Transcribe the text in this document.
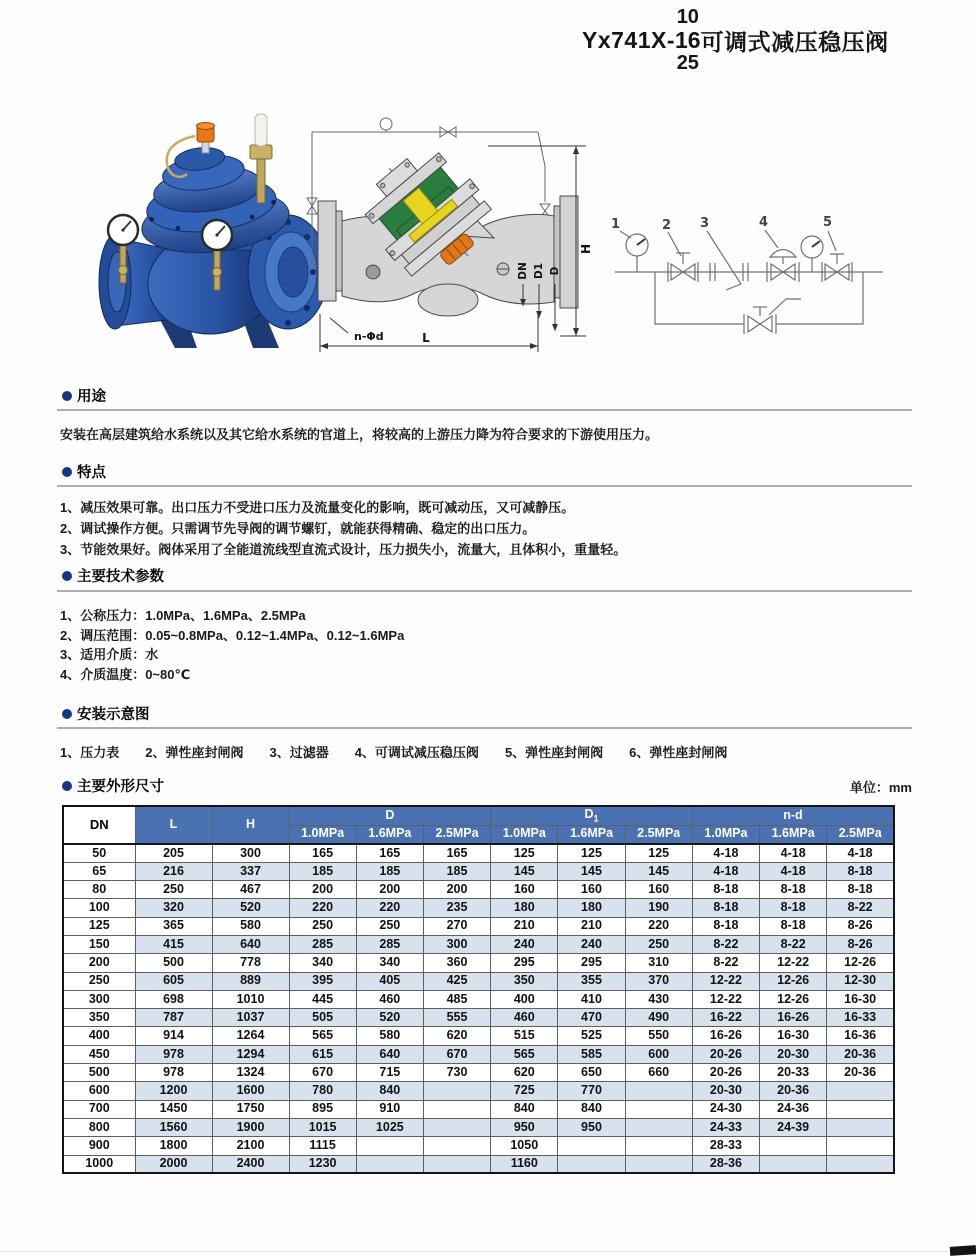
Yx741X-
10
16
25
可调式减压稳压阀
H
DN D1 D
L
n-Φd
1	2 3	4	5
用途
安装在高层建筑给水系统以及其它给水系统的官道上，将较高的上游压力降为符合要求的下游使用压力。
特点
1、减压效果可靠。出口压力不受进口压力及流量变化的影响，既可减动压，又可减静压。
2、调试操作方便。只需调节先导阀的调节螺钉，就能获得精确、稳定的出口压力。
3、节能效果好。阀体采用了全能道流线型直流式设计，压力损失小，流量大，且体积小，重量轻。
主要技术参数
1、公称压力：1.0MPa、1.6MPa、2.5MPa
2、调压范围：0.05~0.8MPa、0.12~1.4MPa、0.12~1.6MPa
3、适用介质：水
4、介质温度：0~80℃
安装示意图
1、压力表 2、弹性座封闸阀 3、过滤器 4、可调试减压稳压阀 5、弹性座封闸阀 6、弹性座封闸阀
主要外形尺寸	单位：mm
DN	L	H	D			$D_1$			n-d		
			1.0MPa	1.6MPa	2.5MPa	1.0MPa	1.6MPa	2.5MPa	1.0MPa	1.6MPa	2.5MPa
50	205	300	165	165	165	125	125	125	4-18	4-18	4-18
65	216	337	185	185	185	145	145	145	4-18	4-18	8-18
80	250	467	200	200	200	160	160	160	8-18	8-18	8-18
100	320	520	220	220	235	180	180	190	8-18	8-18	8-22
125	365	580	250	250	270	210	210	220	8-18	8-18	8-26
150	415	640	285	285	300	240	240	250	8-22	8-22	8-26
200	500	778	340	340	360	295	295	310	8-22	12-22	12-26
250	605	889	395	405	425	350	355	370	12-22	12-26	12-30
300	698	1010	445	460	485	400	410	430	12-22	12-26	16-30
350	787	1037	505	520	555	460	470	490	16-22	16-26	16-33
400	914	1264	565	580	620	515	525	550	16-26	16-30	16-36
450	978	1294	615	640	670	565	585	600	20-26	20-30	20-36
500	978	1324	670	715	730	620	650	660	20-26	20-33	20-36
600	1200	1600	780	840		725	770		20-30	20-36	
700	1450	1750	895	910		840	840		24-30	24-36	
800	1560	1900	1015	1025		950	950		24-33	24-39	
900	1800	2100	1115			1050			28-33		
1000	2000	2400	1230			1160			28-36		
